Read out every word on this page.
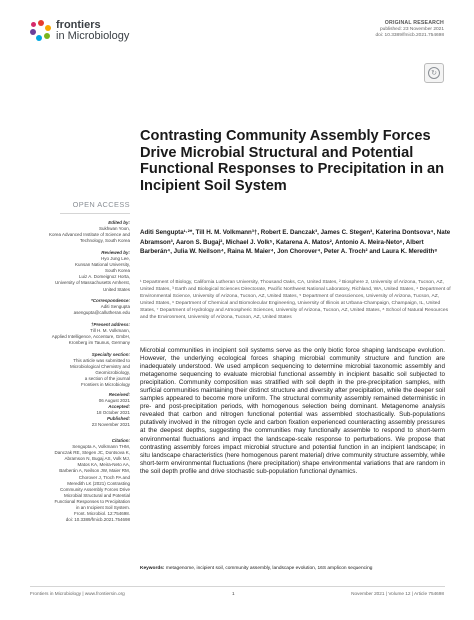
frontiers
in Microbiology
ORIGINAL RESEARCH
published: 23 November 2021
doi: 10.3389/fmicb.2021.754698
↻
Contrasting Community Assembly Forces Drive Microbial Structural and Potential Functional Responses to Precipitation in an Incipient Soil System
Aditi Sengupta¹·²*, Till H. M. Volkmann³†, Robert E. Danczak³, James C. Stegen³, Katerina Dontsova⁴, Nate Abramson³, Aaron S. Bugaj², Michael J. Volk⁵, Katarena A. Matos², Antonio A. Meira-Neto⁶, Albert Barberán⁴, Julia W. Neilson⁴, Raina M. Maier⁴, Jon Chorover⁴, Peter A. Troch² and Laura K. Meredith⁸
¹ Department of Biology, California Lutheran University, Thousand Oaks, CA, United States, ² Biosphere 2, University of Arizona, Tucson, AZ, United States, ³ Earth and Biological Sciences Directorate, Pacific Northwest National Laboratory, Richland, WA, United States, ⁴ Department of Environmental Science, University of Arizona, Tucson, AZ, United States, ⁵ Department of Geosciences, University of Arizona, Tucson, AZ, United States, ⁶ Department of Chemical and Biomolecular Engineering, University of Illinois at Urbana-Champaign, Champaign, IL, United States, ⁷ Department of Hydrology and Atmospheric Sciences, University of Arizona, Tucson, AZ, United States, ⁸ School of Natural Resources and the Environment, University of Arizona, Tucson, AZ, United States
Microbial communities in incipient soil systems serve as the only biotic force shaping landscape evolution. However, the underlying ecological forces shaping microbial community structure and function are inadequately understood. We used amplicon sequencing to determine microbial taxonomic assembly and metagenome sequencing to evaluate microbial functional assembly in incipient basaltic soil subjected to precipitation. Community composition was stratified with soil depth in the pre-precipitation samples, with surficial communities maintaining their distinct structure and diversity after precipitation, while the deeper soil samples appeared to become more uniform. The structural community assembly remained deterministic in pre- and post-precipitation periods, with homogenous selection being dominant. Metagenome analysis revealed that carbon and nitrogen functional potential was assembled stochastically. Sub-populations putatively involved in the nitrogen cycle and carbon fixation experienced counteracting assembly pressures at the deepest depths, suggesting the communities may functionally assemble to respond to short-term environmental fluctuations and impact the landscape-scale response to perturbations. We propose that contrasting assembly forces impact microbial structure and potential function in an incipient landscape; in situ landscape characteristics (here homogenous parent material) drive community structure assembly, while short-term environmental fluctuations (here precipitation) shape environmental variations that are random in the soil depth profile and drive stochastic sub-population functional dynamics.
Keywords: metagenome, incipient soil, community assembly, landscape evolution, 16S amplicon sequencing
OPEN ACCESS
Edited by:
Sukhwan Yoon,
Korea Advanced Institute of Science and Technology, South Korea
Reviewed by:
Hyo Jung Lee,
Kunsan National University,
South Korea
Luiz A. Domeignoz Horta,
University of Massachusetts Amherst,
United States
*Correspondence:
Aditi Sengupta
asengupta@callutheran.edu
†Present address:
Till H. M. Volkmann,
Applied Intelligence, Accenture, GmbH,
Kronberg im Taunus, Germany
Specialty section:
This article was submitted to
Microbiological Chemistry and
Geomicrobiology,
a section of the journal
Frontiers in Microbiology
Received:
06 August 2021
Accepted:
18 October 2021
Published:
23 November 2021
Citation:
Sengupta A, Volkmann THM,
Danczak RE, Stegen JC, Dontsova K,
Abramson N, Bugaj AS, Volk MJ,
Matos KA, Meira-Neto AA,
Barberán A, Neilson JW, Maier RM,
Chorover J, Troch PA and
Meredith LK (2021) Contrasting
Community Assembly Forces Drive
Microbial Structural and Potential
Functional Responses to Precipitation
in an Incipient Soil System.
Front. Microbiol. 12:754698.
doi: 10.3389/fmicb.2021.754698
Frontiers in Microbiology | www.frontiersin.org	1	November 2021 | Volume 12 | Article 754698
